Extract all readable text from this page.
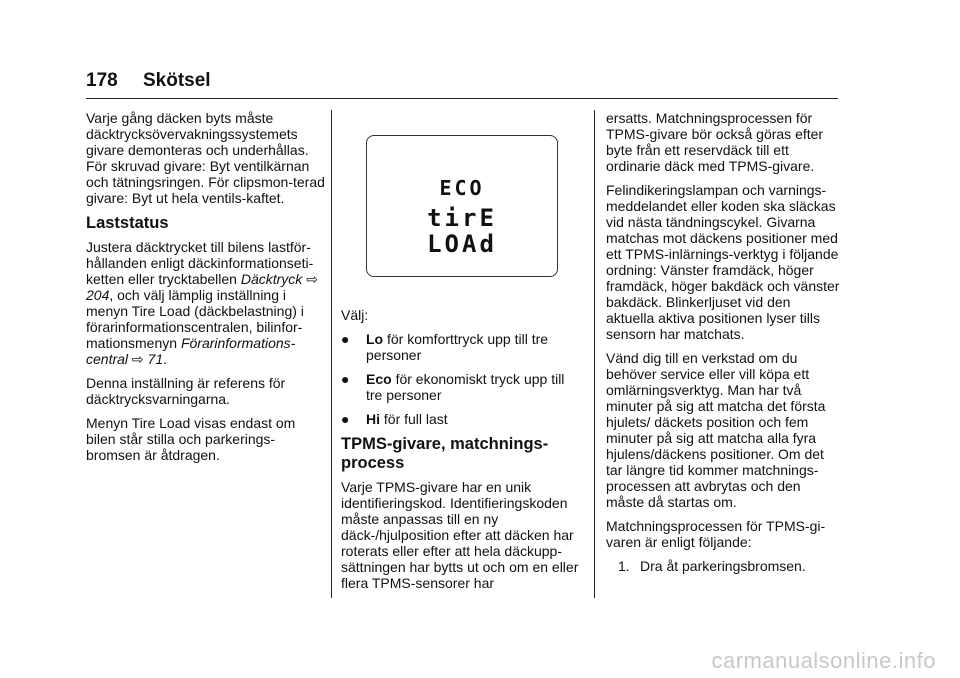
178 Skötsel

Varje gång däcken byts måste däcktrycksövervakningssystemets givare demonteras och underhållas. För skruvad givare: Byt ventilkärnan och tätningsringen. För clipsmon-terad givare: Byt ut hela ventils-kaftet.

Laststatus

Justera däcktrycket till bilens lastför-hållanden enligt däckinformationseti-ketten eller trycktabellen Däcktryck ⇨ 204, och välj lämplig inställning i menyn Tire Load (däckbelastning) i förarinformationscentralen, bilinfor-mationsmenyn Förarinformations-central ⇨ 71.

Denna inställning är referens för däcktrycksvarningarna.

Menyn Tire Load visas endast om bilen står stilla och parkerings-bromsen är åtdragen.

ECO
tirE
LOAd

Välj:

●	Lo för komforttryck upp till tre personer
●	Eco för ekonomiskt tryck upp till tre personer
●	Hi för full last
TPMS-givare, matchnings-process

Varje TPMS-givare har en unik identifieringskod. Identifieringskoden måste anpassas till en ny däck-/hjulposition efter att däcken har roterats eller efter att hela däckupp-sättningen har bytts ut och om en eller flera TPMS-sensorer har

ersatts. Matchningsprocessen för TPMS-givare bör också göras efter byte från ett reservdäck till ett ordinarie däck med TPMS-givare.

Felindikeringslampan och varnings-meddelandet eller koden ska släckas vid nästa tändningscykel. Givarna matchas mot däckens positioner med ett TPMS-inlärnings-verktyg i följande ordning: Vänster framdäck, höger framdäck, höger bakdäck och vänster bakdäck. Blinkerljuset vid den aktuella aktiva positionen lyser tills sensorn har matchats.

Vänd dig till en verkstad om du behöver service eller vill köpa ett omlärningsverktyg. Man har två minuter på sig att matcha det första hjulets/ däckets position och fem minuter på sig att matcha alla fyra hjulens/däckens positioner. Om det tar längre tid kommer matchnings-processen att avbrytas och den måste då startas om.

Matchningsprocessen för TPMS-gi-varen är enligt följande:

1. Dra åt parkeringsbromsen.
carmanualsonline.info
